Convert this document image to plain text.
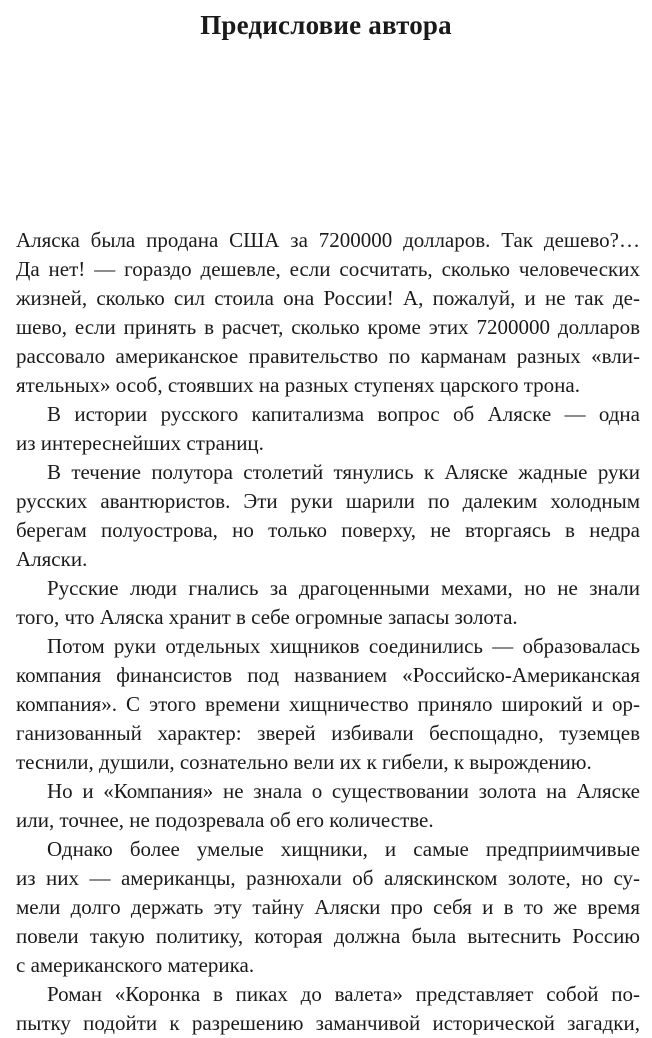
Предисловие автора
Аляска была продана США за 7200000 долларов. Так дешево?…
Да нет! — гораздо дешевле, если сосчитать, сколько человеческих
жизней, сколько сил стоила она России! А, пожалуй, и не так де-
шево, если принять в расчет, сколько кроме этих 7200000 долларов
рассовало американское правительство по карманам разных «вли-
ятельных» особ, стоявших на разных ступенях царского трона.
В истории русского капитализма вопрос об Аляске — одна
из интереснейших страниц.
В течение полутора столетий тянулись к Аляске жадные руки
русских авантюристов. Эти руки шарили по далеким холодным
берегам полуострова, но только поверху, не вторгаясь в недра
Аляски.
Русские люди гнались за драгоценными мехами, но не знали
того, что Аляска хранит в себе огромные запасы золота.
Потом руки отдельных хищников соединились — образовалась
компания финансистов под названием «Российско-Американская
компания». С этого времени хищничество приняло широкий и ор-
ганизованный характер: зверей избивали беспощадно, туземцев
теснили, душили, сознательно вели их к гибели, к вырождению.
Но и «Компания» не знала о существовании золота на Аляске
или, точнее, не подозревала об его количестве.
Однако более умелые хищники, и самые предприимчивые
из них — американцы, разнюхали об аляскинском золоте, но су-
мели долго держать эту тайну Аляски про себя и в то же время
повели такую политику, которая должна была вытеснить Россию
с американского материка.
Роман «Коронка в пиках до валета» представляет собой по-
пытку подойти к разрешению заманчивой исторической загадки,
